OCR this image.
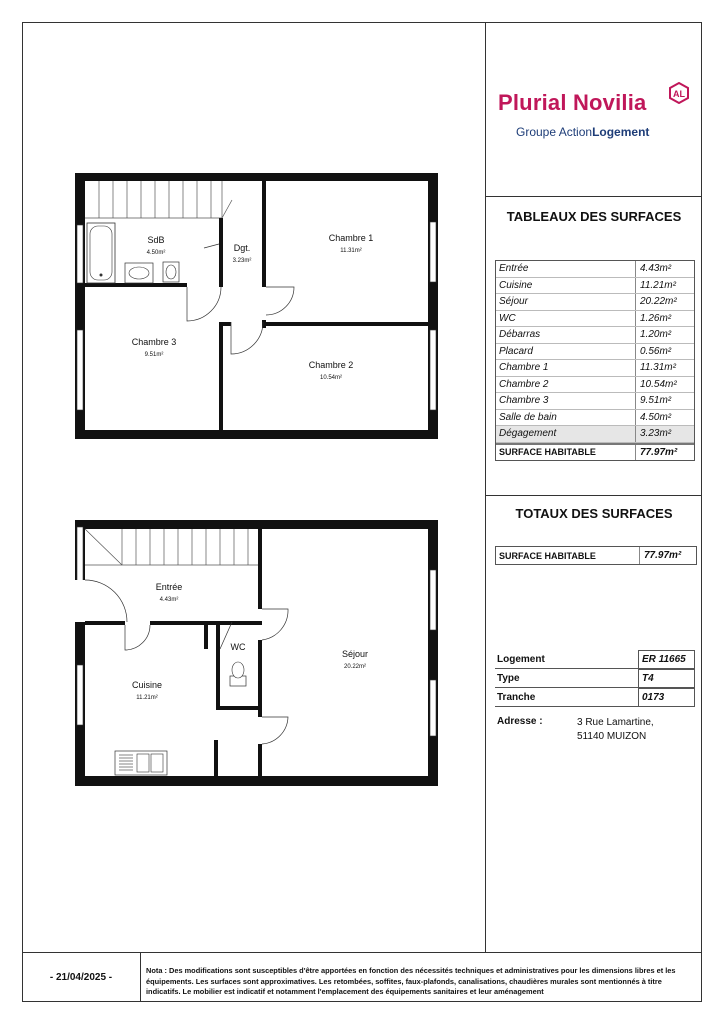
Plurial Novilia	AL
Groupe ActionLogement
TABLEAUX DES SURFACES
Entrée	4.43m²
Cuisine	11.21m²
Séjour	20.22m²
WC	1.26m²
Débarras	1.20m²
Placard	0.56m²
Chambre 1	11.31m²
Chambre 2	10.54m²
Chambre 3	9.51m²
Salle de bain	4.50m²
Dégagement	3.23m²
SURFACE HABITABLE	77.97m²
TOTAUX DES SURFACES
SURFACE HABITABLE	77.97m²
Logement	ER 11665
Type	T4
Tranche	0173
Adresse :	3 Rue Lamartine,
51140 MUIZON
- 21/04/2025 -
Nota : Des modifications sont susceptibles d'être apportées en fonction des nécessités techniques et administratives pour les dimensions libres et les équipements. Les surfaces sont approximatives. Les retombées, soffites, faux-plafonds, canalisations, chaudières murales sont mentionnés à titre indicatifs. Le mobilier est indicatif et notamment l'emplacement des équipements sanitaires et leur aménagement
SdB
4.50m²	Dgt.
3.23m²
Chambre 1
11.31m²
Chambre 3
9.51m²
Chambre 2
10.54m²
Entrée
4.43m²
WC
Séjour
20.22m²
Cuisine
11.21m²
